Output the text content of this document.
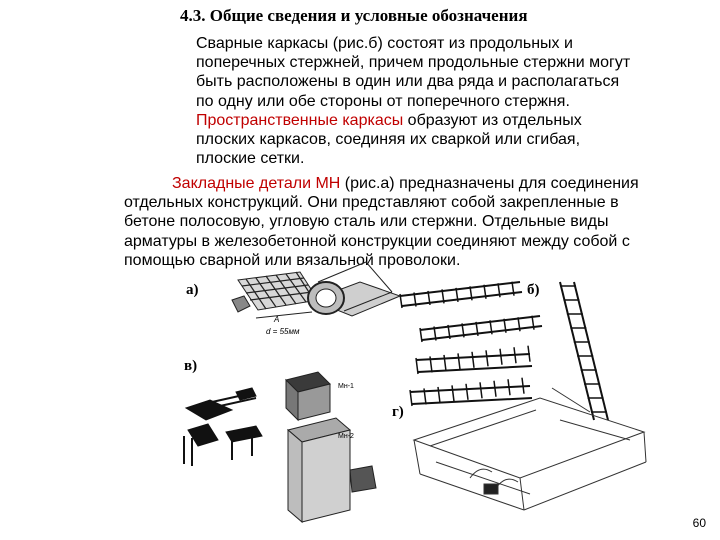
4.3. Общие сведения и условные обозначения
Сварные каркасы (рис.б) состоят из продольных и
поперечных стержней, причем продольные стержни могут
быть расположены в один или два ряда и располагаться
по одну или обе стороны от поперечного стержня.
Пространственные каркасы образуют из отдельных
плоских каркасов, соединяя их сваркой или сгибая,
плоские сетки.
Закладные детали МН (рис.а) предназначены для соединения отдельных конструкций. Они представляют собой закрепленные в бетоне полосовую, угловую сталь или стержни. Отдельные виды арматуры в железобетонной конструкции соединяют между собой с помощью сварной или вязальной проволоки.
A
d = 55мм
Мн-1
Мн-2
а)	б)
в)
г)
60
